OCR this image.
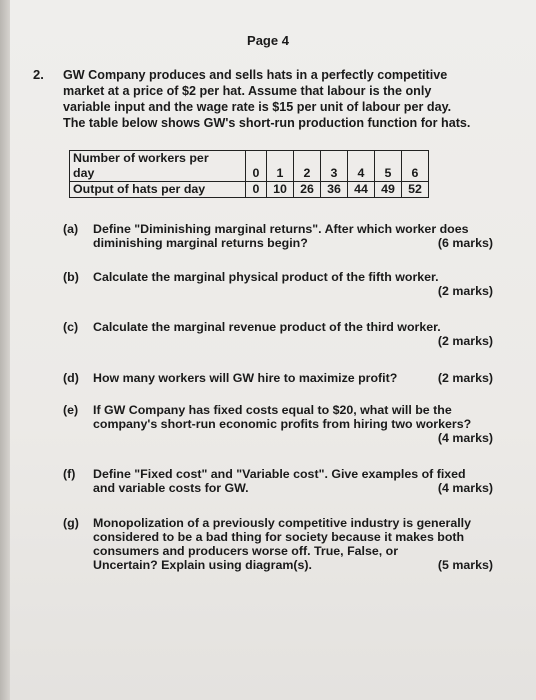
Page 4
2. GW Company produces and sells hats in a perfectly competitive
market at a price of $2 per hat. Assume that labour is the only
variable input and the wage rate is $15 per unit of labour per day.
The table below shows GW's short-run production function for hats.
Number of workers per
day	0	1	2	3	4	5	6
Output of hats per day	0	10	26	36	44	49	52
(a) Define "Diminishing marginal returns". After which worker does
diminishing marginal returns begin?	(6 marks)
(b) Calculate the marginal physical product of the fifth worker.
(2 marks)
(c) Calculate the marginal revenue product of the third worker.
(2 marks)
(d) How many workers will GW hire to maximize profit?	(2 marks)
(e) If GW Company has fixed costs equal to $20, what will be the
company's short-run economic profits from hiring two workers?
(4 marks)
(f) Define "Fixed cost" and "Variable cost". Give examples of fixed
and variable costs for GW.	(4 marks)
(g) Monopolization of a previously competitive industry is generally
considered to be a bad thing for society because it makes both
consumers and producers worse off. True, False, or
Uncertain? Explain using diagram(s).	(5 marks)
